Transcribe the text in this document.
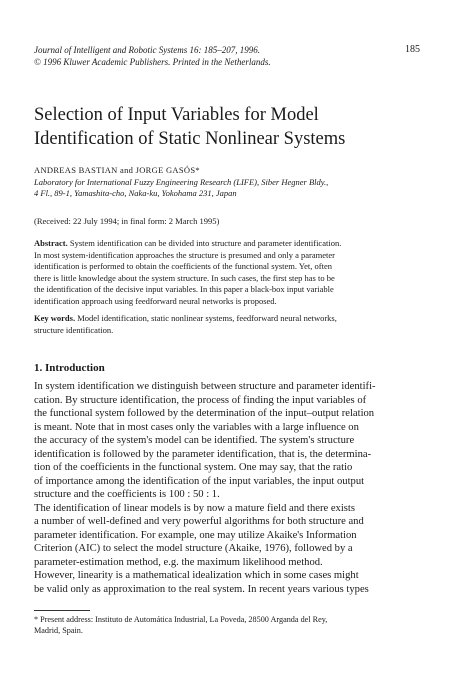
Journal of Intelligent and Robotic Systems 16: 185–207, 1996.
© 1996 Kluwer Academic Publishers. Printed in the Netherlands.
185
Selection of Input Variables for Model
Identification of Static Nonlinear Systems
ANDREAS BASTIAN and JORGE GASÓS*
Laboratory for International Fuzzy Engineering Research (LIFE), Siber Hegner Bldy.,
4 Fl., 89-1, Yamashita-cho, Naka-ku, Yokohama 231, Japan
(Received: 22 July 1994; in final form: 2 March 1995)
Abstract. System identification can be divided into structure and parameter identification.
In most system-identification approaches the structure is presumed and only a parameter
identification is performed to obtain the coefficients of the functional system. Yet, often
there is little knowledge about the system structure. In such cases, the first step has to be
the identification of the decisive input variables. In this paper a black-box input variable
identification approach using feedforward neural networks is proposed.
Key words. Model identification, static nonlinear systems, feedforward neural networks,
structure identification.
1. Introduction
In system identification we distinguish between structure and parameter identifi-
cation. By structure identification, the process of finding the input variables of
the functional system followed by the determination of the input–output relation
is meant. Note that in most cases only the variables with a large influence on
the accuracy of the system's model can be identified. The system's structure
identification is followed by the parameter identification, that is, the determina-
tion of the coefficients in the functional system. One may say, that the ratio
of importance among the identification of the input variables, the input output
structure and the coefficients is 100 : 50 : 1.
The identification of linear models is by now a mature field and there exists
a number of well-defined and very powerful algorithms for both structure and
parameter identification. For example, one may utilize Akaike's Information
Criterion (AIC) to select the model structure (Akaike, 1976), followed by a
parameter-estimation method, e.g. the maximum likelihood method.
However, linearity is a mathematical idealization which in some cases might
be valid only as approximation to the real system. In recent years various types
* Present address: Instituto de Automática Industrial, La Poveda, 28500 Arganda del Rey,
Madrid, Spain.
